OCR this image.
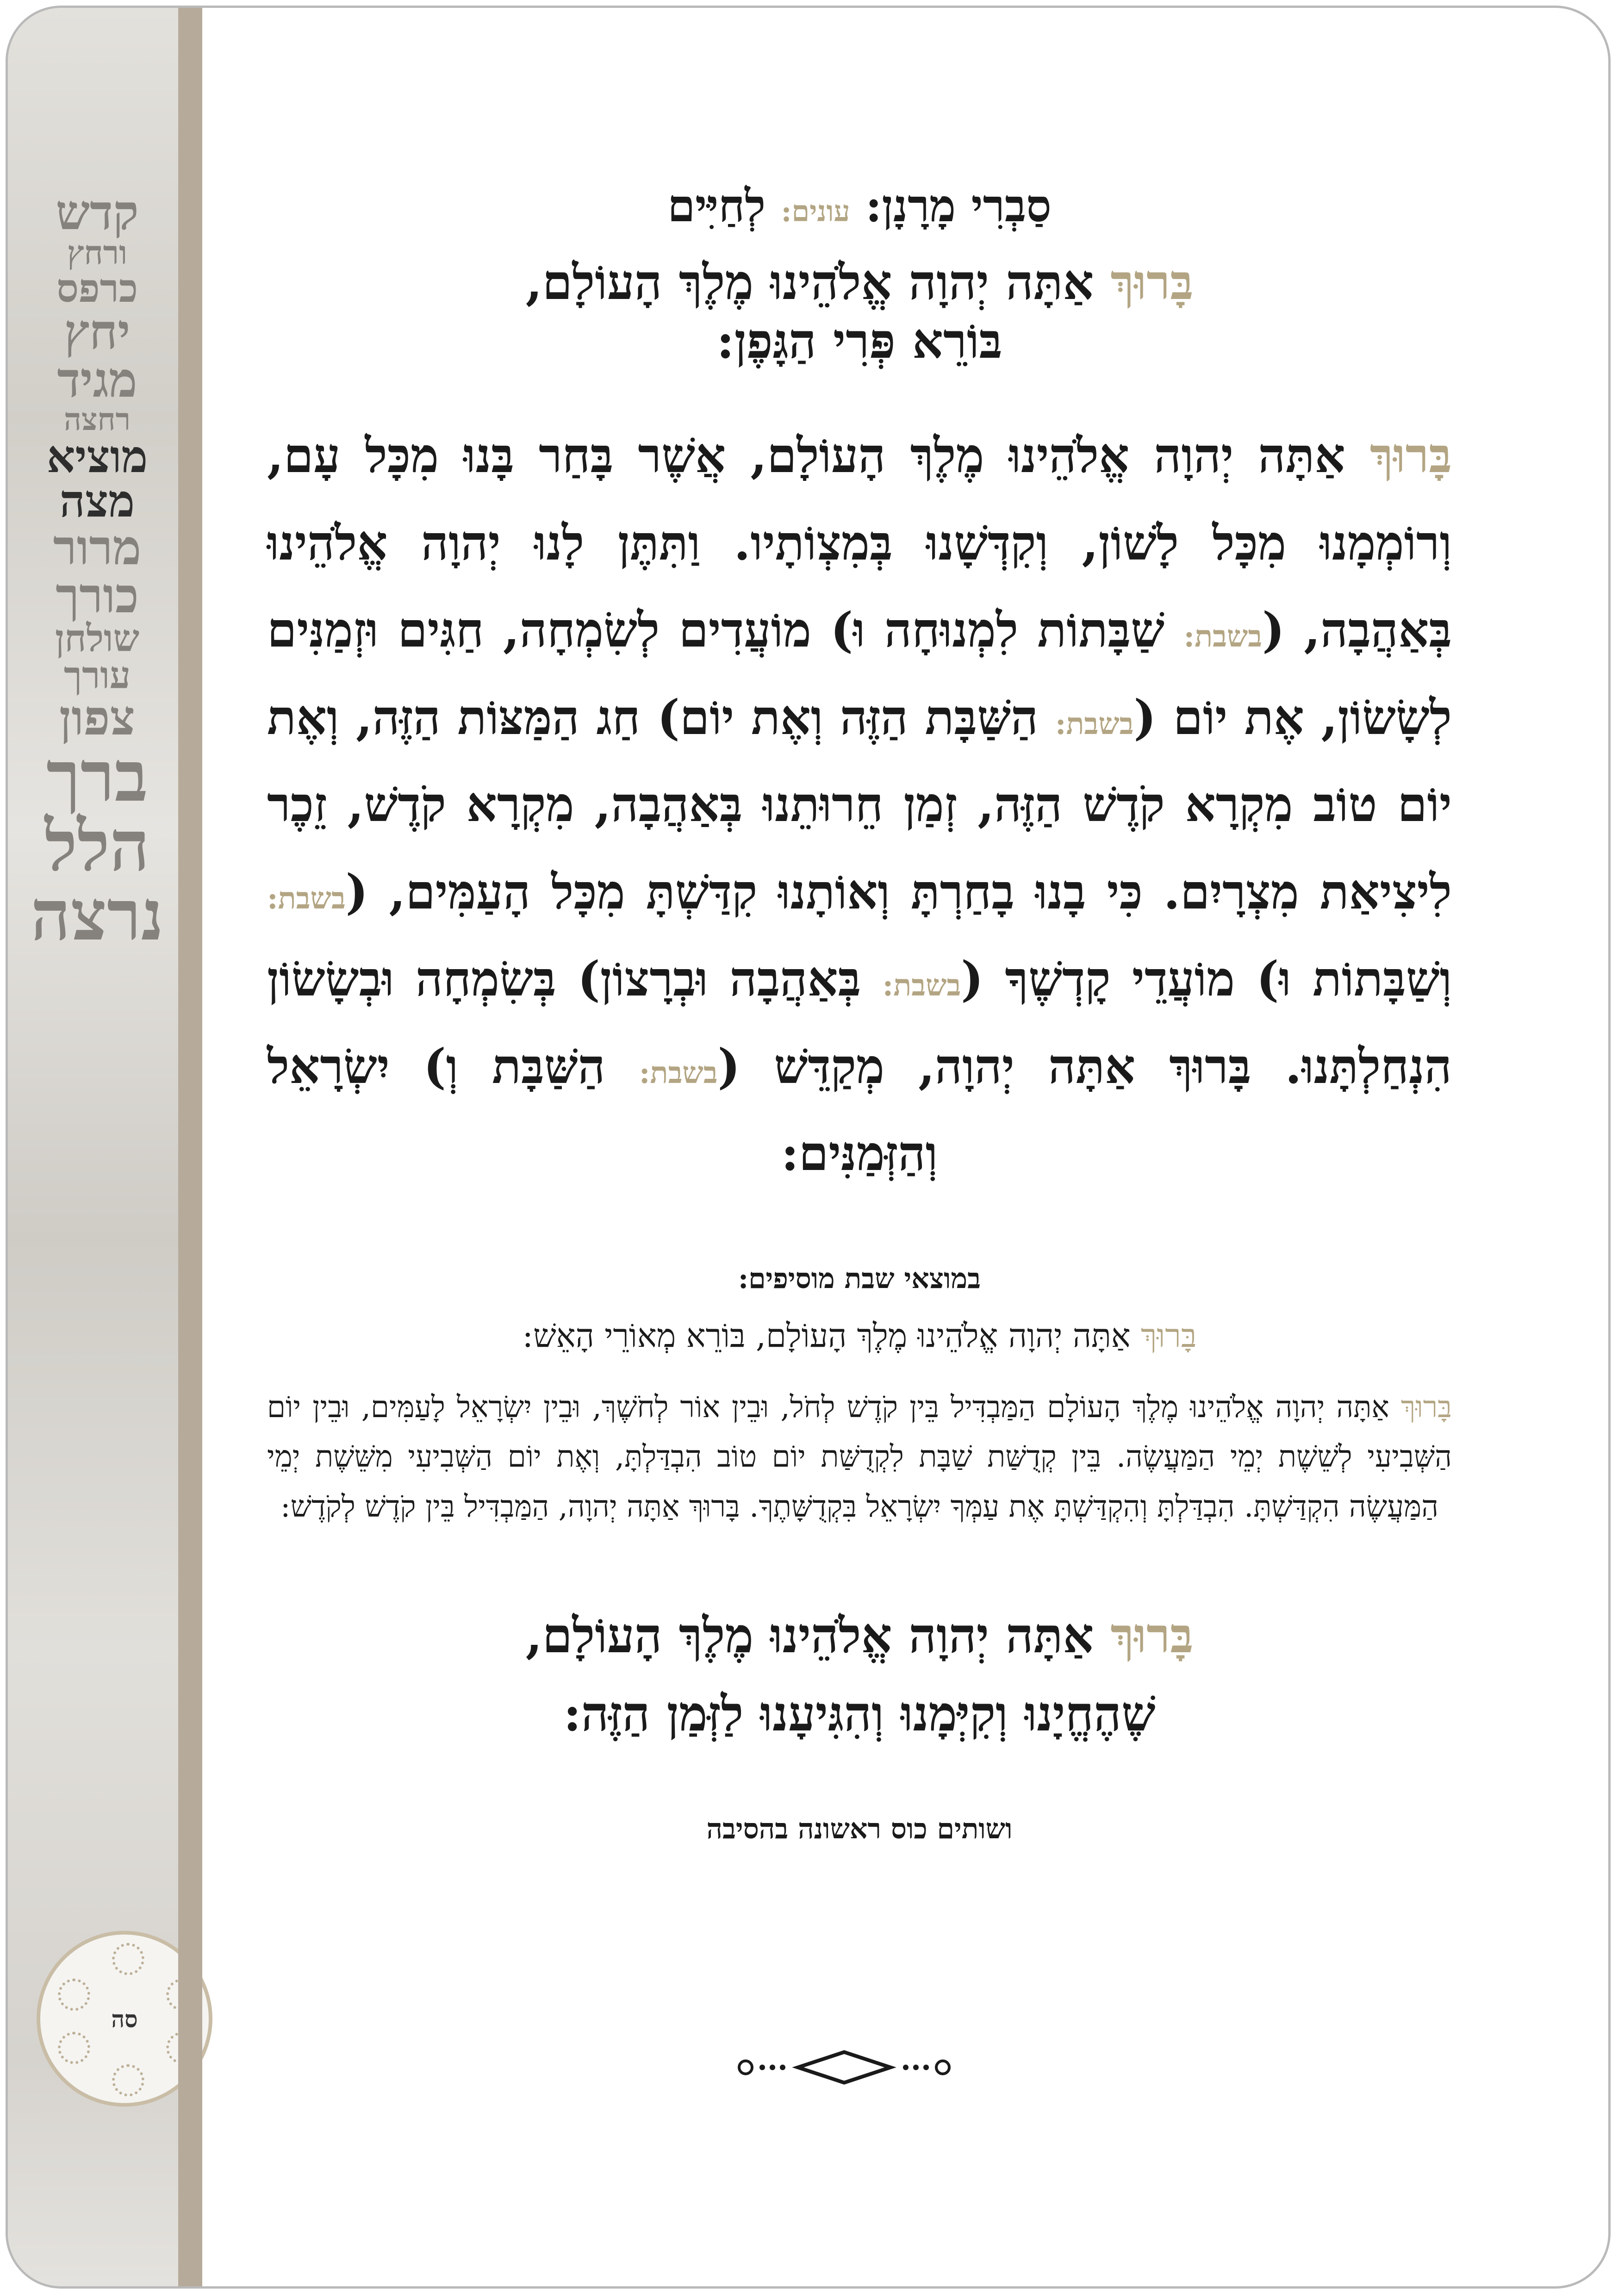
קדש
ורחץ
כרפס
יחץ
מגיד
רחצה
מוציא מצה
מרור
כורך
שולחן עורך
צפון
ברך
הלל
נרצה
סה

סַבְרִי מָרָנָן: עונים: לְחַיִּים

בָּרוּךְ אַתָּה יְהוָה אֱלֹהֵינוּ מֶלֶךְ הָעוֹלָם,

בּוֹרֵא פְּרִי הַגָּפֶן:

בָּרוּךְ אַתָּה יְהוָה אֱלֹהֵינוּ מֶלֶךְ הָעוֹלָם, אֲשֶׁר בָּחַר בָּנוּ מִכָּל עָם, וְרוֹמְמָנוּ מִכָּל לָשׁוֹן, וְקִדְּשָׁנוּ בְּמִצְוֹתָיו. וַתִּתֶּן לָנוּ יְהוָה אֱלֹהֵינוּ בְּאַהֲבָה, (בשבת: שַׁבָּתוֹת לִמְנוּחָה וּ) מוֹעֲדִים לְשִׂמְחָה, חַגִּים וּזְמַנִּים לְשָׂשׂוֹן, אֶת יוֹם (בשבת: הַשַּׁבָּת הַזֶּה וְאֶת יוֹם) חַג הַמַּצּוֹת הַזֶּה, וְאֶת יוֹם טוֹב מִקְרָא קֹדֶשׁ הַזֶּה, זְמַן חֵרוּתֵנוּ בְּאַהֲבָה, מִקְרָא קֹדֶשׁ, זֵכֶר לִיצִיאַת מִצְרָיִם. כִּי בָנוּ בָחַרְתָּ וְאוֹתָנוּ קִדַּשְׁתָּ מִכָּל הָעַמִּים, (בשבת: וְשַׁבָּתוֹת וּ) מוֹעֲדֵי קָדְשֶׁךָ (בשבת: בְּאַהֲבָה וּבְרָצוֹן) בְּשִׂמְחָה וּבְשָׂשׂוֹן הִנְחַלְתָּנוּ. בָּרוּךְ אַתָּה יְהוָה, מְקַדֵּשׁ (בשבת: הַשַּׁבָּת וְ) יִשְׂרָאֵל וְהַזְּמַנִּים:

במוצאי שבת מוסיפים:

בָּרוּךְ אַתָּה יְהוָה אֱלֹהֵינוּ מֶלֶךְ הָעוֹלָם, בּוֹרֵא מְאוֹרֵי הָאֵשׁ:

בָּרוּךְ אַתָּה יְהוָה אֱלֹהֵינוּ מֶלֶךְ הָעוֹלָם הַמַּבְדִּיל בֵּין קֹדֶשׁ לְחֹל, וּבֵין אוֹר לְחֹשֶׁךְ, וּבֵין יִשְׂרָאֵל לָעַמִּים, וּבֵין יוֹם הַשְּׁבִיעִי לְשֵׁשֶׁת יְמֵי הַמַּעֲשֶׂה. בֵּין קְדֻשַּׁת שַׁבָּת לִקְדֻשַּׁת יוֹם טוֹב הִבְדַּלְתָּ, וְאֶת יוֹם הַשְּׁבִיעִי מִשֵּׁשֶׁת יְמֵי הַמַּעֲשֶׂה הִקְדַּשְׁתָּ. הִבְדַּלְתָּ וְהִקְדַּשְׁתָּ אֶת עַמְּךָ יִשְׂרָאֵל בִּקְדֻשָּׁתֶךָ. בָּרוּךְ אַתָּה יְהוָה, הַמַּבְדִּיל בֵּין קֹדֶשׁ לְקֹדֶשׁ:

בָּרוּךְ אַתָּה יְהוָה אֱלֹהֵינוּ מֶלֶךְ הָעוֹלָם,
שֶׁהֶחֱיָנוּ וְקִיְּמָנוּ וְהִגִּיעָנוּ לַזְּמַן הַזֶּה:

ושותים כוס ראשונה בהסיבה
